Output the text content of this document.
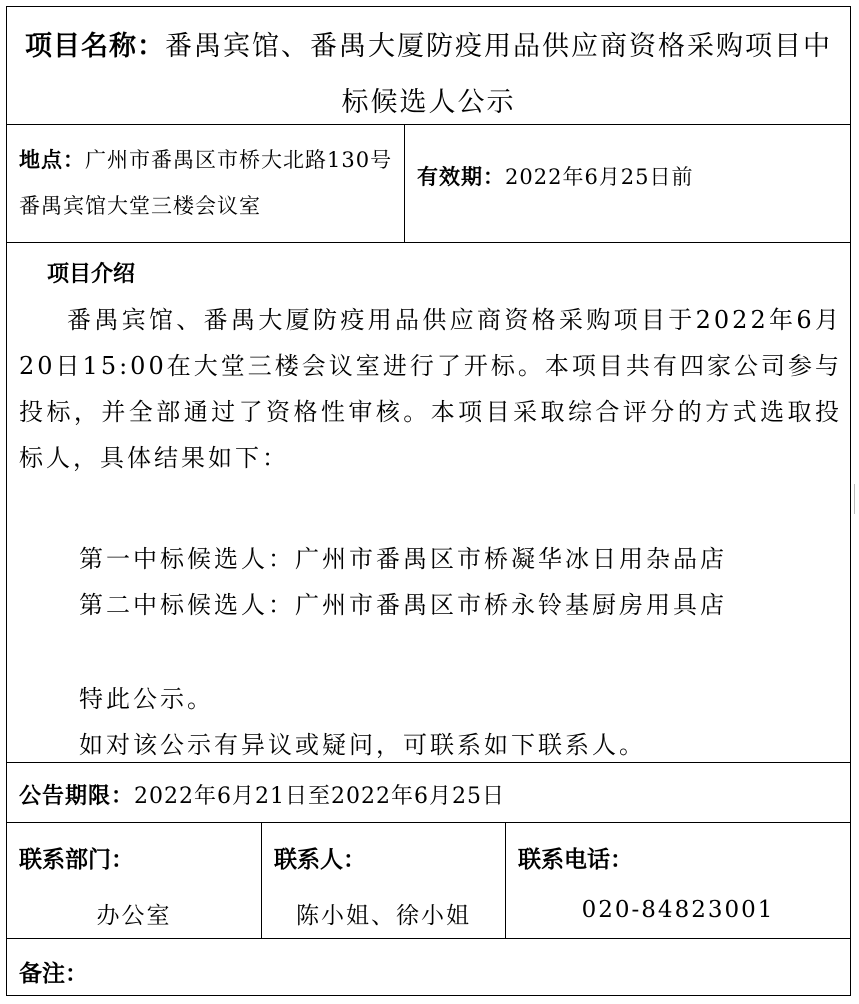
项目名称：番禺宾馆、番禺大厦防疫用品供应商资格采购项目中标候选人公示
地点：广州市番禺区市桥大北路130号番禺宾馆大堂三楼会议室
有效期：2022年6月25日前
项目介绍
番禺宾馆、番禺大厦防疫用品供应商资格采购项目于2022年6月20日15:00在大堂三楼会议室进行了开标。本项目共有四家公司参与投标，并全部通过了资格性审核。本项目采取综合评分的方式选取投标人，具体结果如下：
第一中标候选人：广州市番禺区市桥凝华冰日用杂品店
第二中标候选人：广州市番禺区市桥永铃基厨房用具店
特此公示。
如对该公示有异议或疑问，可联系如下联系人。
公告期限：2022年6月21日至2022年6月25日
联系部门：
办公室
联系人：
陈小姐、徐小姐
联系电话：
020-84823001
备注：
